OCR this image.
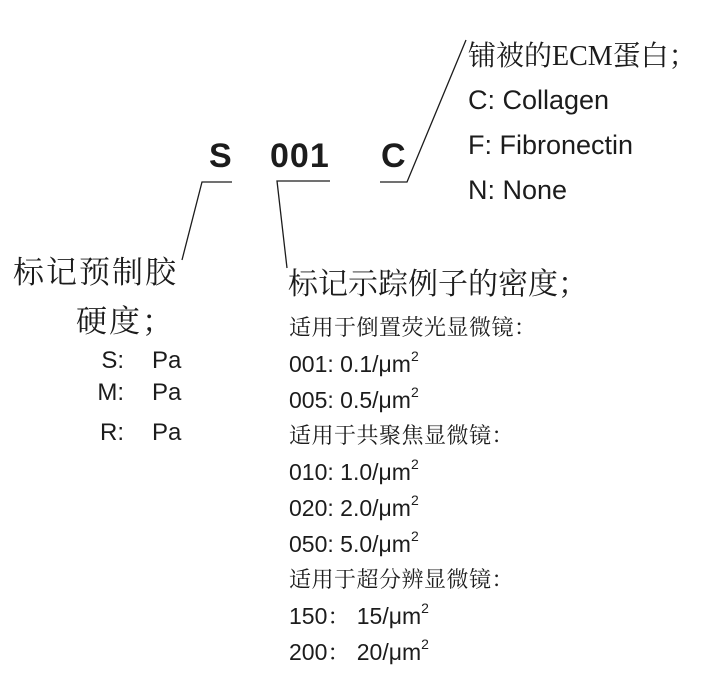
S 001 C
铺被的ECM蛋白；
C: Collagen
F: Fibronectin
N: None
标记预制胶
硬度；
S: Pa
M: Pa
R: Pa
标记示踪例子的密度；
适用于倒置荧光显微镜：
001: $0.1/\mu m^2$
005: $0.5/\mu m^2$
适用于共聚焦显微镜：
010: $1.0/\mu m^2$
020: $2.0/\mu m^2$
050: $5.0/\mu m^2$
适用于超分辨显微镜：
150： $15/\mu m^2$
200： $20/\mu m^2$
